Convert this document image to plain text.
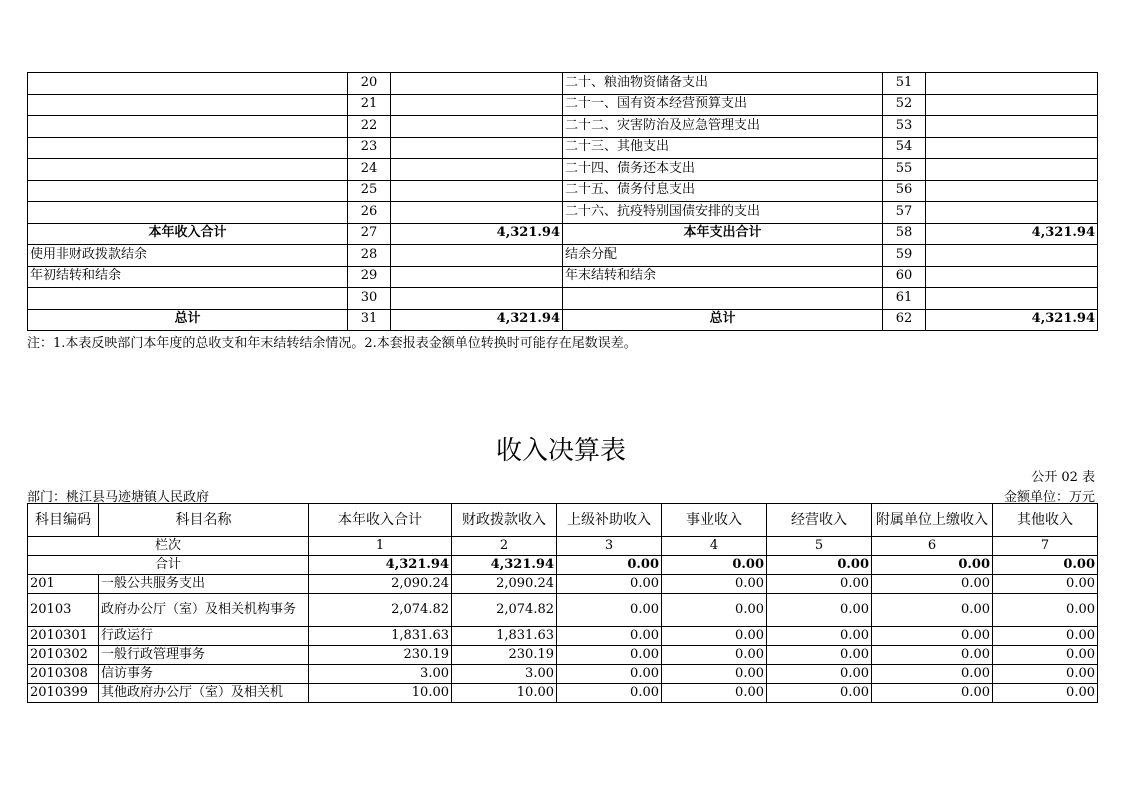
	20		二十、粮油物资储备支出	51	
	21		二十一、国有资本经营预算支出	52	
	22		二十二、灾害防治及应急管理支出	53	
	23		二十三、其他支出	54	
	24		二十四、债务还本支出	55	
	25		二十五、债务付息支出	56	
	26		二十六、抗疫特别国债安排的支出	57	
本年收入合计	27	4,321.94	本年支出合计	58	4,321.94
使用非财政拨款结余	28		结余分配	59	
年初结转和结余	29		年末结转和结余	60	
	30			61	
总计	31	4,321.94	总计	62	4,321.94
注：1.本表反映部门本年度的总收支和年末结转结余情况。2.本套报表金额单位转换时可能存在尾数误差。
收入决算表
公开 02 表
部门：桃江县马迹塘镇人民政府	金额单位：万元
科目编码	科目名称	本年收入合计	财政拨款收入	上级补助收入	事业收入	经营收入	附属单位上缴收入	其他收入
栏次		1	2	3	4	5	6	7
合计		4,321.94	4,321.94	0.00	0.00	0.00	0.00	0.00
201	一般公共服务支出	2,090.24	2,090.24	0.00	0.00	0.00	0.00	0.00
20103	政府办公厅（室）及相关机构事务	2,074.82	2,074.82	0.00	0.00	0.00	0.00	0.00
2010301	行政运行	1,831.63	1,831.63	0.00	0.00	0.00	0.00	0.00
2010302	一般行政管理事务	230.19	230.19	0.00	0.00	0.00	0.00	0.00
2010308	信访事务	3.00	3.00	0.00	0.00	0.00	0.00	0.00
2010399	其他政府办公厅（室）及相关机	10.00	10.00	0.00	0.00	0.00	0.00	0.00
